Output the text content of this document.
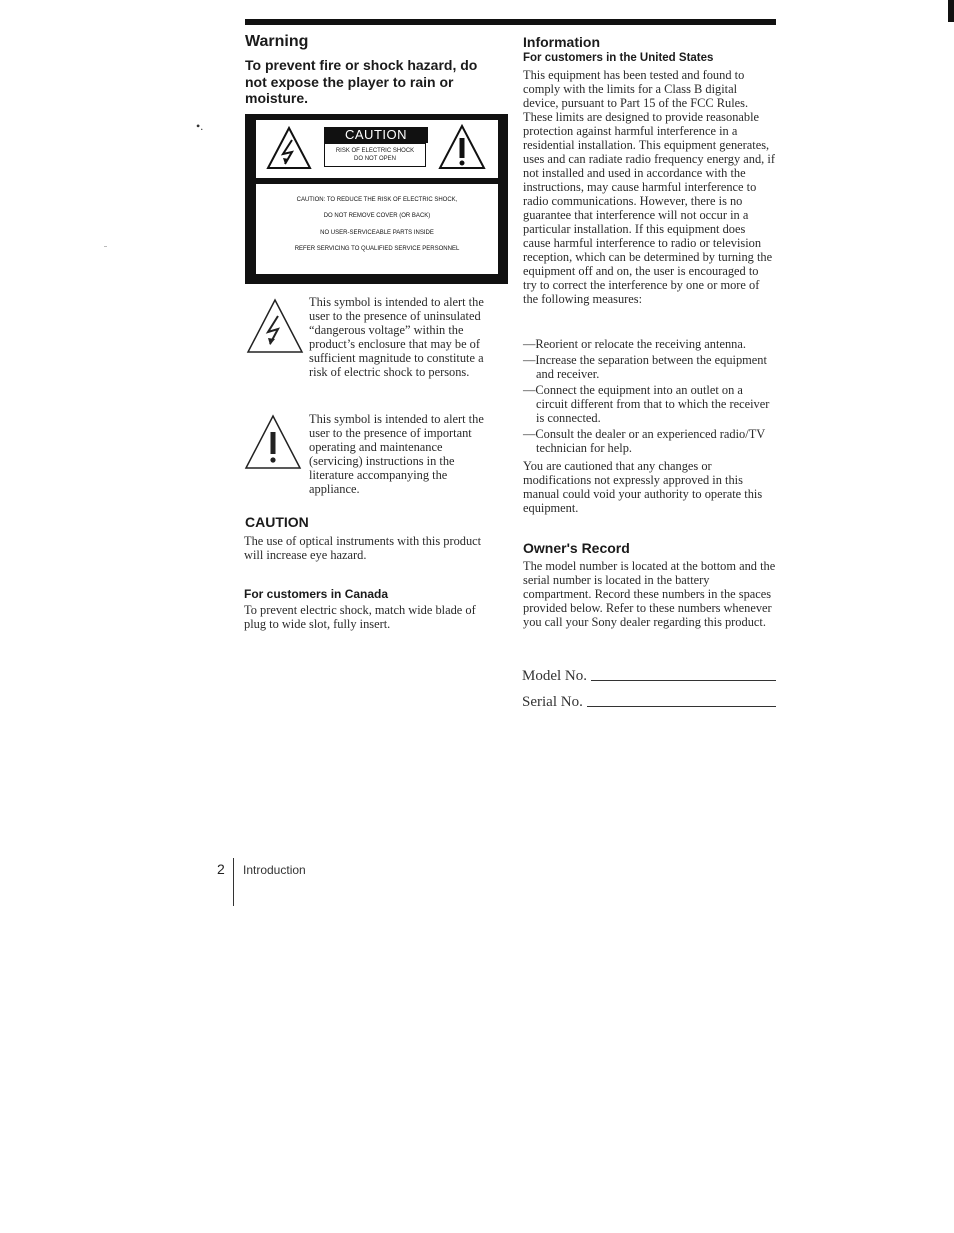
•.
Warning

To prevent fire or shock hazard, do not expose the player to rain or moisture.

CAUTION
RISK OF ELECTRIC SHOCK
DO NOT OPEN
CAUTION: TO REDUCE THE RISK OF ELECTRIC SHOCK,
DO NOT REMOVE COVER (OR BACK)
NO USER-SERVICEABLE PARTS INSIDE
REFER SERVICING TO QUALIFIED SERVICE PERSONNEL

This symbol is intended to alert the user to the presence of uninsulated “dangerous voltage” within the product’s enclosure that may be of sufficient magnitude to constitute a risk of electric shock to persons.

This symbol is intended to alert the user to the presence of important operating and maintenance (servicing) instructions in the literature accompanying the appliance.

CAUTION

The use of optical instruments with this product will increase eye hazard.

For customers in Canada

To prevent electric shock, match wide blade of plug to wide slot, fully insert.

Information
For customers in the United States

This equipment has been tested and found to comply with the limits for a Class B digital device, pursuant to Part 15 of the FCC Rules. These limits are designed to provide reasonable protection against harmful interference in a residential installation. This equipment generates, uses and can radiate radio frequency energy and, if not installed and used in accordance with the instructions, may cause harmful interference to radio communications. However, there is no guarantee that interference will not occur in a particular installation. If this equipment does cause harmful interference to radio or television reception, which can be determined by turning the equipment off and on, the user is encouraged to try to correct the interference by one or more of the following measures:

—Reorient or relocate the receiving antenna.
—Increase the separation between the equipment and receiver.
—Connect the equipment into an outlet on a circuit different from that to which the receiver is connected.
—Consult the dealer or an experienced radio/TV technician for help.

You are cautioned that any changes or modifications not expressly approved in this manual could void your authority to operate this equipment.

Owner's Record

The model number is located at the bottom and the serial number is located in the battery compartment. Record these numbers in the spaces provided below. Refer to these numbers whenever you call your Sony dealer regarding this product.

Model No.
Serial No.
2 Introduction
